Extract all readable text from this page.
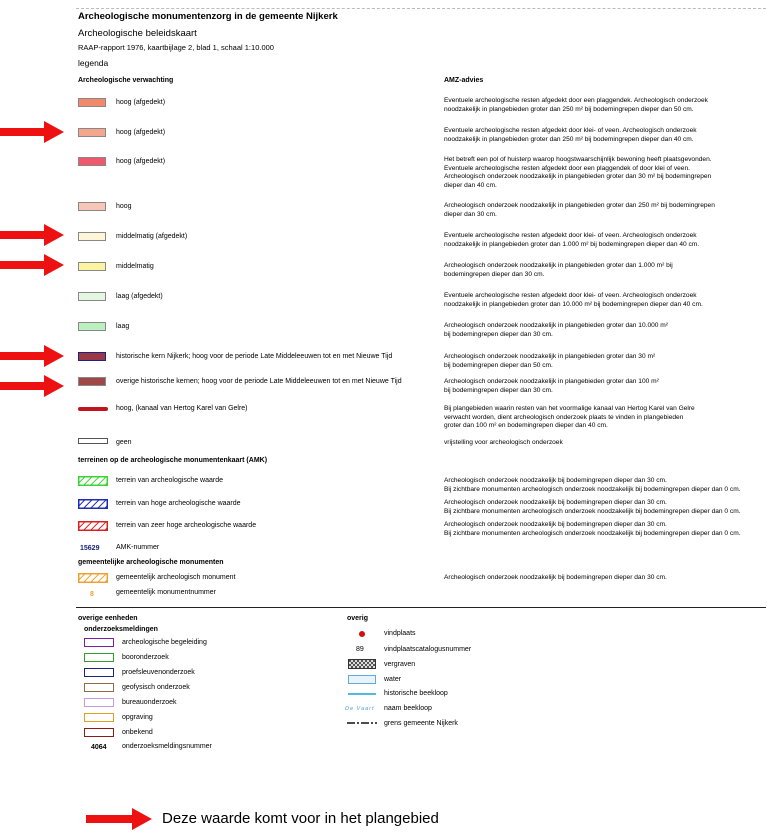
Archeologische monumentenzorg in de gemeente Nijkerk
Archeologische beleidskaart
RAAP-rapport 1976, kaartbijlage 2, blad 1, schaal 1:10.000
legenda
Archeologische verwachting	AMZ-advies
hoog (afgedekt)	Eventuele archeologische resten afgedekt door een plaggendek. Archeologisch onderzoek
noodzakelijk in plangebieden groter dan 250 m² bij bodemingrepen dieper dan 50 cm.
hoog (afgedekt)	Eventuele archeologische resten afgedekt door klei- of veen. Archeologisch onderzoek
noodzakelijk in plangebieden groter dan 250 m² bij bodemingrepen dieper dan 40 cm.
hoog (afgedekt)	Het betreft een pol of huisterp waarop hoogstwaarschijnlijk bewoning heeft plaatsgevonden.
Eventuele archeologische resten afgedekt door een plaggendek of door klei of veen.
Archeologisch onderzoek noodzakelijk in plangebieden groter dan 30 m² bij bodemingrepen
dieper dan 40 cm.
hoog	Archeologisch onderzoek noodzakelijk in plangebieden groter dan 250 m² bij bodemingrepen
dieper dan 30 cm.
middelmatig (afgedekt)	Eventuele archeologische resten afgedekt door klei- of veen. Archeologisch onderzoek
noodzakelijk in plangebieden groter dan 1.000 m² bij bodemingrepen dieper dan 40 cm.
middelmatig	Archeologisch onderzoek noodzakelijk in plangebieden groter dan 1.000 m² bij
bodemingrepen dieper dan 30 cm.
laag (afgedekt)	Eventuele archeologische resten afgedekt door klei- of veen. Archeologisch onderzoek
noodzakelijk in plangebieden groter dan 10.000 m² bij bodemingrepen dieper dan 40 cm.
laag	Archeologisch onderzoek noodzakelijk in plangebieden groter dan 10.000 m²
bij bodemingrepen dieper dan 30 cm.
historische kern Nijkerk; hoog voor de periode Late Middeleeuwen tot en met Nieuwe Tijd	Archeologisch onderzoek noodzakelijk in plangebieden groter dan 30 m²
bij bodemingrepen dieper dan 50 cm.
overige historische kernen; hoog voor de periode Late Middeleeuwen tot en met Nieuwe Tijd	Archeologisch onderzoek noodzakelijk in plangebieden groter dan 100 m²
bij bodemingrepen dieper dan 30 cm.
hoog, (kanaal van Hertog Karel van Gelre)	Bij plangebieden waarin resten van het voormalige kanaal van Hertog Karel van Gelre
verwacht worden, dient archeologisch onderzoek plaats te vinden in plangebieden
groter dan 100 m² en bodemingrepen dieper dan 40 cm.
geen	vrijstelling voor archeologisch onderzoek
terreinen op de archeologische monumentenkaart (AMK)
terrein van archeologische waarde	Archeologisch onderzoek noodzakelijk bij bodemingrepen dieper dan 30 cm.
Bij zichtbare monumenten archeologisch onderzoek noodzakelijk bij bodemingrepen dieper dan 0 cm.
terrein van hoge archeologische waarde	Archeologisch onderzoek noodzakelijk bij bodemingrepen dieper dan 30 cm.
Bij zichtbare monumenten archeologisch onderzoek noodzakelijk bij bodemingrepen dieper dan 0 cm.
terrein van zeer hoge archeologische waarde	Archeologisch onderzoek noodzakelijk bij bodemingrepen dieper dan 30 cm.
Bij zichtbare monumenten archeologisch onderzoek noodzakelijk bij bodemingrepen dieper dan 0 cm.
15629 AMK-nummer
gemeentelijke archeologische monumenten
gemeentelijk archeologisch monument	Archeologisch onderzoek noodzakelijk bij bodemingrepen dieper dan 30 cm.
8	gemeentelijk monumentnummer
overige eenheden
onderzoeksmeldingen
archeologische begeleiding
booronderzoek
proefsleuvenonderzoek
geofysisch onderzoek
bureauonderzoek
opgraving
onbekend
4064 onderzoeksmeldingsnummer
overig
vindplaats
89	vindplaatscatalogusnummer
vergraven
water
historische beekloop
De Vaart naam beekloop
grens gemeente Nijkerk
Deze waarde komt voor in het plangebied
